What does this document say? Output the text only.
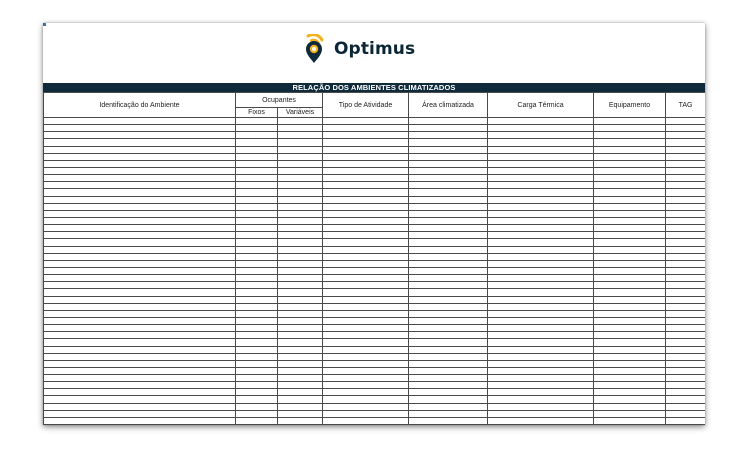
Optimus
RELAÇÃO DOS AMBIENTES CLIMATIZADOS
Identificação do Ambiente	Ocupantes		Tipo de Atividade	Área climatizada	Carga Térmica	Equipamento	TAG
	Fixos	Variáveis					
